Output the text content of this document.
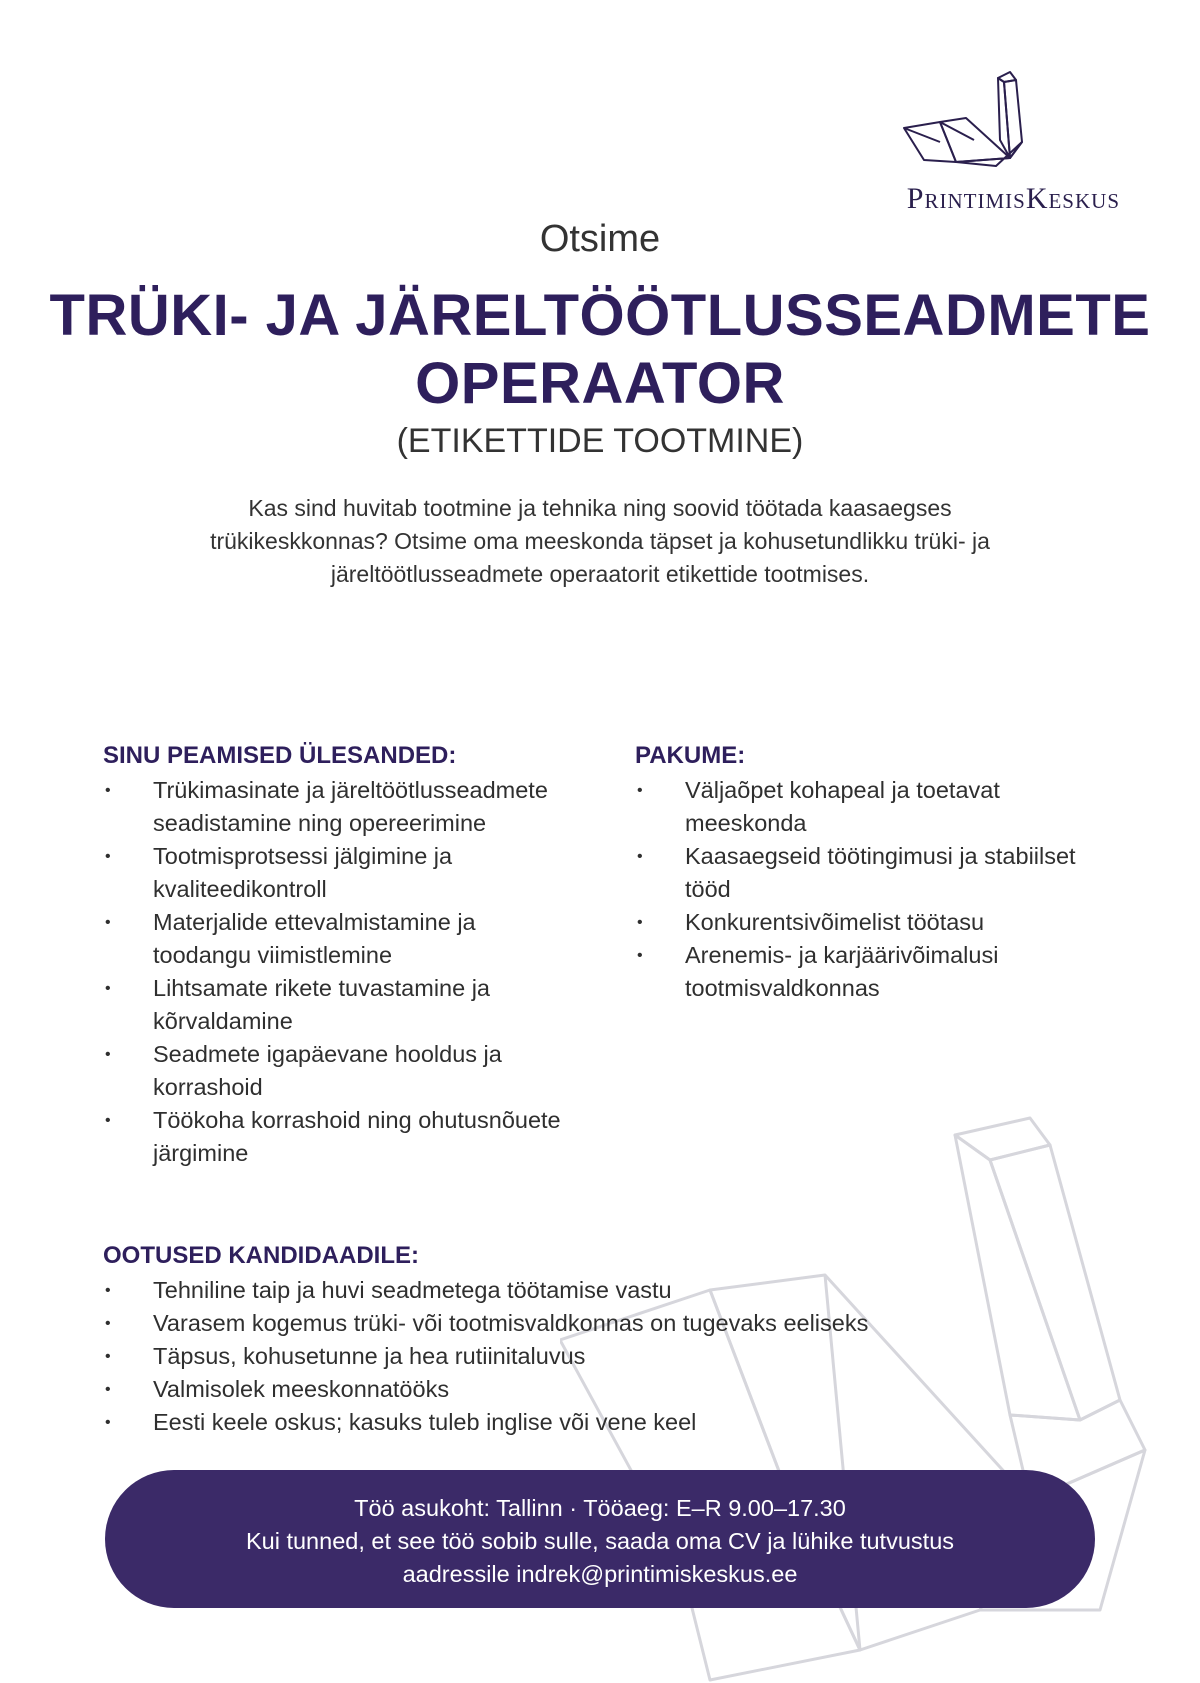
PrintimisKeskus
Otsime
TRÜKI- JA JÄRELTÖÖTLUSSEADMETE
OPERAATOR
(ETIKETTIDE TOOTMINE)
Kas sind huvitab tootmine ja tehnika ning soovid töötada kaasaegses
trükikeskkonnas? Otsime oma meeskonda täpset ja kohusetundlikku trüki- ja
järeltöötlusseadmete operaatorit etikettide tootmises.
SINU PEAMISED ÜLESANDED:
• Trükimasinate ja järeltöötlusseadmete seadistamine ning opereerimine
• Tootmisprotsessi jälgimine ja kvaliteedikontroll
• Materjalide ettevalmistamine ja toodangu viimistlemine
• Lihtsamate rikete tuvastamine ja kõrvaldamine
• Seadmete igapäevane hooldus ja korrashoid
• Töökoha korrashoid ning ohutusnõuete järgimine
PAKUME:
• Väljaõpet kohapeal ja toetavat meeskonda
• Kaasaegseid töötingimusi ja stabiilset tööd
• Konkurentsivõimelist töötasu
• Arenemis- ja karjäärivõimalusi tootmisvaldkonnas
OOTUSED KANDIDAADILE:
• Tehniline taip ja huvi seadmetega töötamise vastu
• Varasem kogemus trüki- või tootmisvaldkonnas on tugevaks eeliseks
• Täpsus, kohusetunne ja hea rutiinitaluvus
• Valmisolek meeskonnatööks
• Eesti keele oskus; kasuks tuleb inglise või vene keel

Töö asukoht: Tallinn · Tööaeg: E–R 9.00–17.30

Kui tunned, et see töö sobib sulle, saada oma CV ja lühike tutvustus

aadressile indrek@printimiskeskus.ee
